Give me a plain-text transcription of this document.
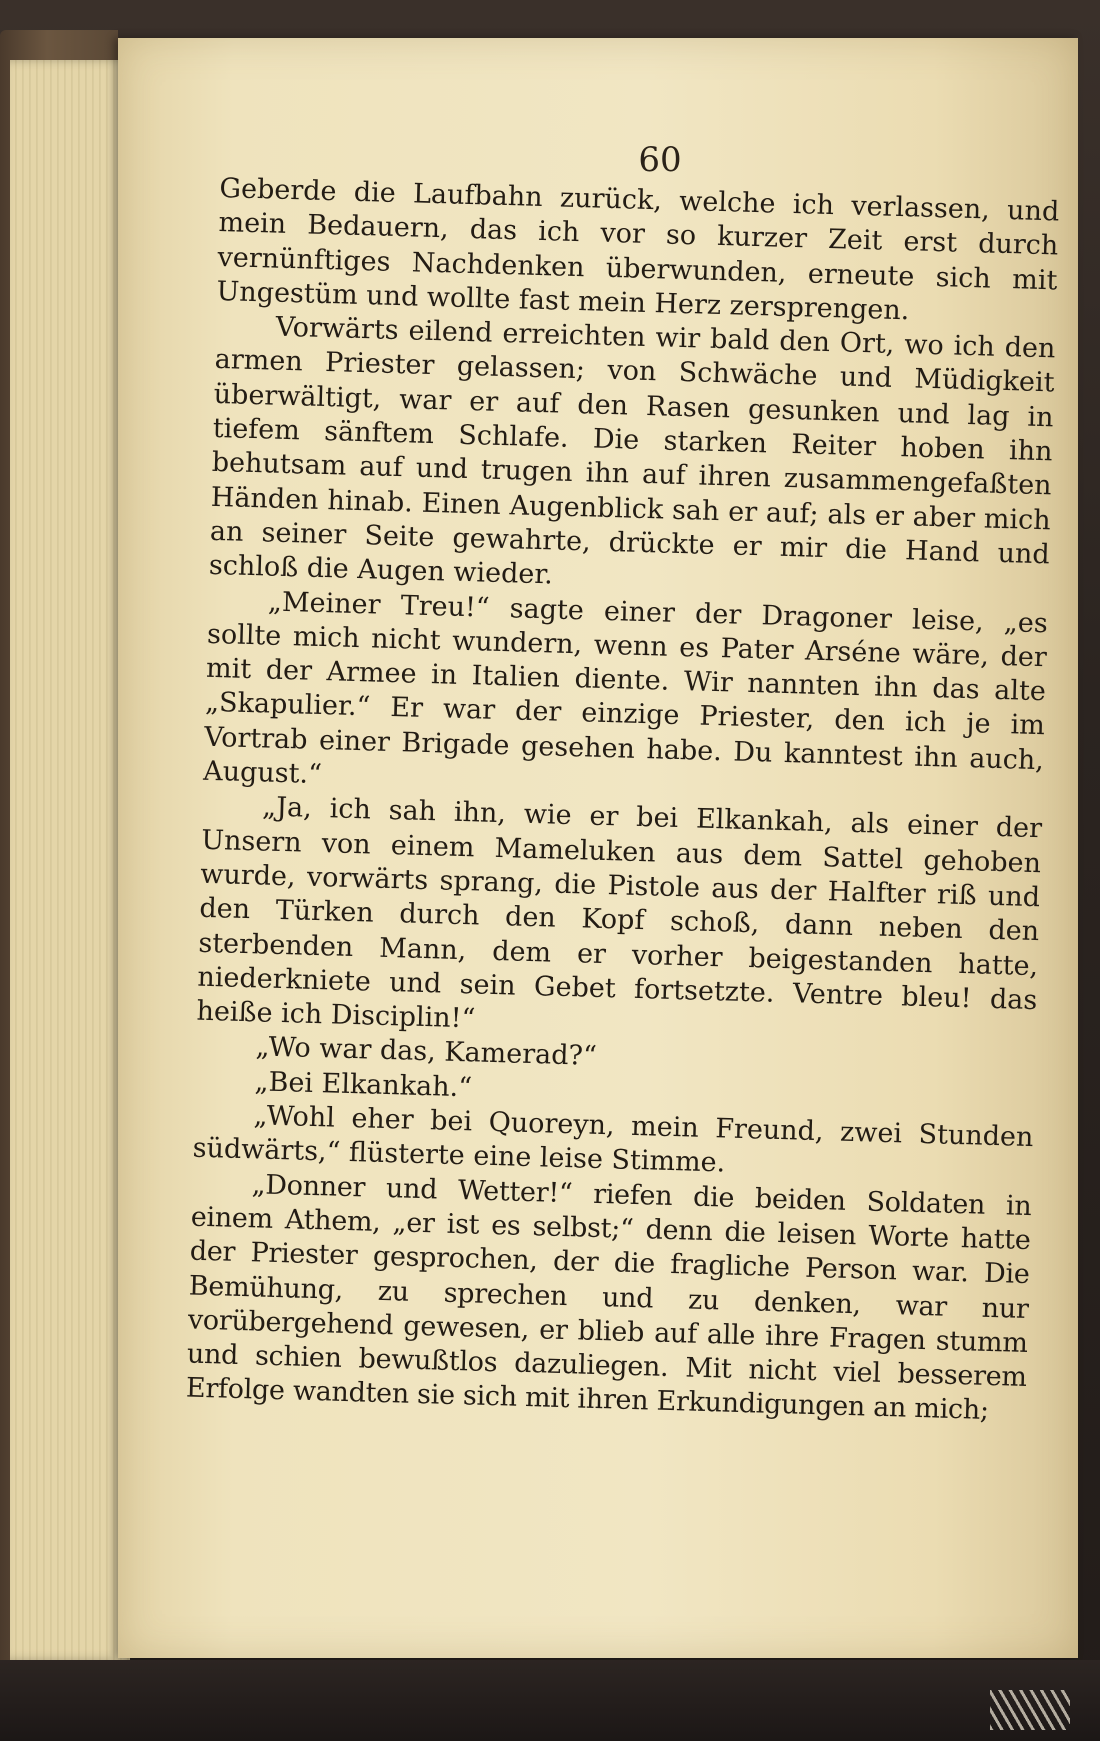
60

Geberde die Laufbahn zurück, welche ich verlassen, und mein Bedauern, das ich vor so kurzer Zeit erst durch vernünftiges Nachdenken überwunden, erneute sich mit Ungestüm und wollte fast mein Herz zersprengen.

Vorwärts eilend erreichten wir bald den Ort, wo ich den armen Priester gelassen; von Schwäche und Müdigkeit überwältigt, war er auf den Rasen gesunken und lag in tiefem sänftem Schlafe. Die starken Reiter hoben ihn behutsam auf und trugen ihn auf ihren zusammengefaßten Händen hinab. Einen Augenblick sah er auf; als er aber mich an seiner Seite gewahrte, drückte er mir die Hand und schloß die Augen wieder.

„Meiner Treu!“ sagte einer der Dragoner leise, „es sollte mich nicht wundern, wenn es Pater Arséne wäre, der mit der Armee in Italien diente. Wir nannten ihn das alte „Skapulier.“ Er war der einzige Priester, den ich je im Vortrab einer Brigade gesehen habe. Du kanntest ihn auch, August.“

„Ja, ich sah ihn, wie er bei Elkankah, als einer der Unsern von einem Mameluken aus dem Sattel gehoben wurde, vorwärts sprang, die Pistole aus der Halfter riß und den Türken durch den Kopf schoß, dann neben den sterbenden Mann, dem er vorher beigestanden hatte, niederkniete und sein Gebet fortsetzte. Ventre bleu! das heiße ich Disciplin!“

„Wo war das, Kamerad?“

„Bei Elkankah.“

„Wohl eher bei Quoreyn, mein Freund, zwei Stunden südwärts,“ flüsterte eine leise Stimme.

„Donner und Wetter!“ riefen die beiden Soldaten in einem Athem, „er ist es selbst;“ denn die leisen Worte hatte der Priester gesprochen, der die fragliche Person war. Die Bemühung, zu sprechen und zu denken, war nur vorübergehend gewesen, er blieb auf alle ihre Fragen stumm und schien bewußtlos dazuliegen. Mit nicht viel besserem Erfolge wandten sie sich mit ihren Erkundigungen an mich;
